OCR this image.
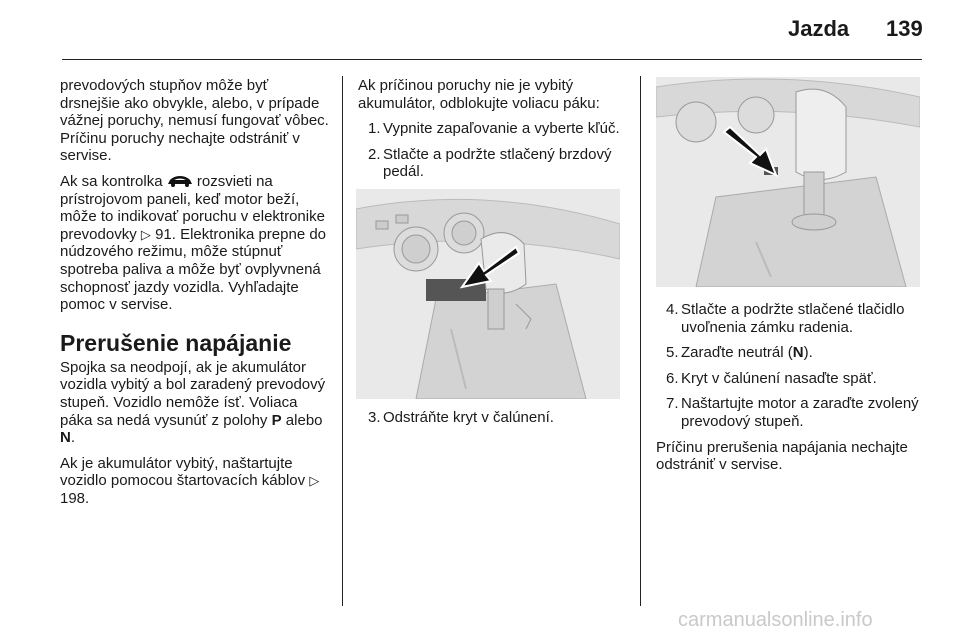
Jazda 139

prevodových stupňov môže byť drsnejšie ako obvykle, alebo, v prípade vážnej poruchy, nemusí fungovať vôbec. Príčinu poruchy nechajte odstrániť v servise.

Ak sa kontrolka rozsvieti na prístrojovom paneli, keď motor beží, môže to indikovať poruchu v elektronike prevodovky ▷ 91. Elektronika prepne do núdzového režimu, môže stúpnuť spotreba paliva a môže byť ovplyvnená schopnosť jazdy vozidla. Vyhľadajte pomoc v servise.

Prerušenie napájanie

Spojka sa neodpojí, ak je akumulátor vozidla vybitý a bol zaradený prevodový stupeň. Vozidlo nemôže ísť. Voliaca páka sa nedá vysunúť z polohy P alebo N.

Ak je akumulátor vybitý, naštartujte vozidlo pomocou štartovacích káblov ▷ 198.

Ak príčinou poruchy nie je vybitý akumulátor, odblokujte voliacu páku:

1. Vypnite zapaľovanie a vyberte kľúč.
2. Stlačte a podržte stlačený brzdový pedál.
3. Odstráňte kryt v čalúnení.
4. Stlačte a podržte stlačené tlačidlo uvoľnenia zámku radenia.
5. Zaraďte neutrál (N).
6. Kryt v čalúnení nasaďte späť.
7. Naštartujte motor a zaraďte zvolený prevodový stupeň.

Príčinu prerušenia napájania nechajte odstrániť v servise.

carmanualsonline.info
